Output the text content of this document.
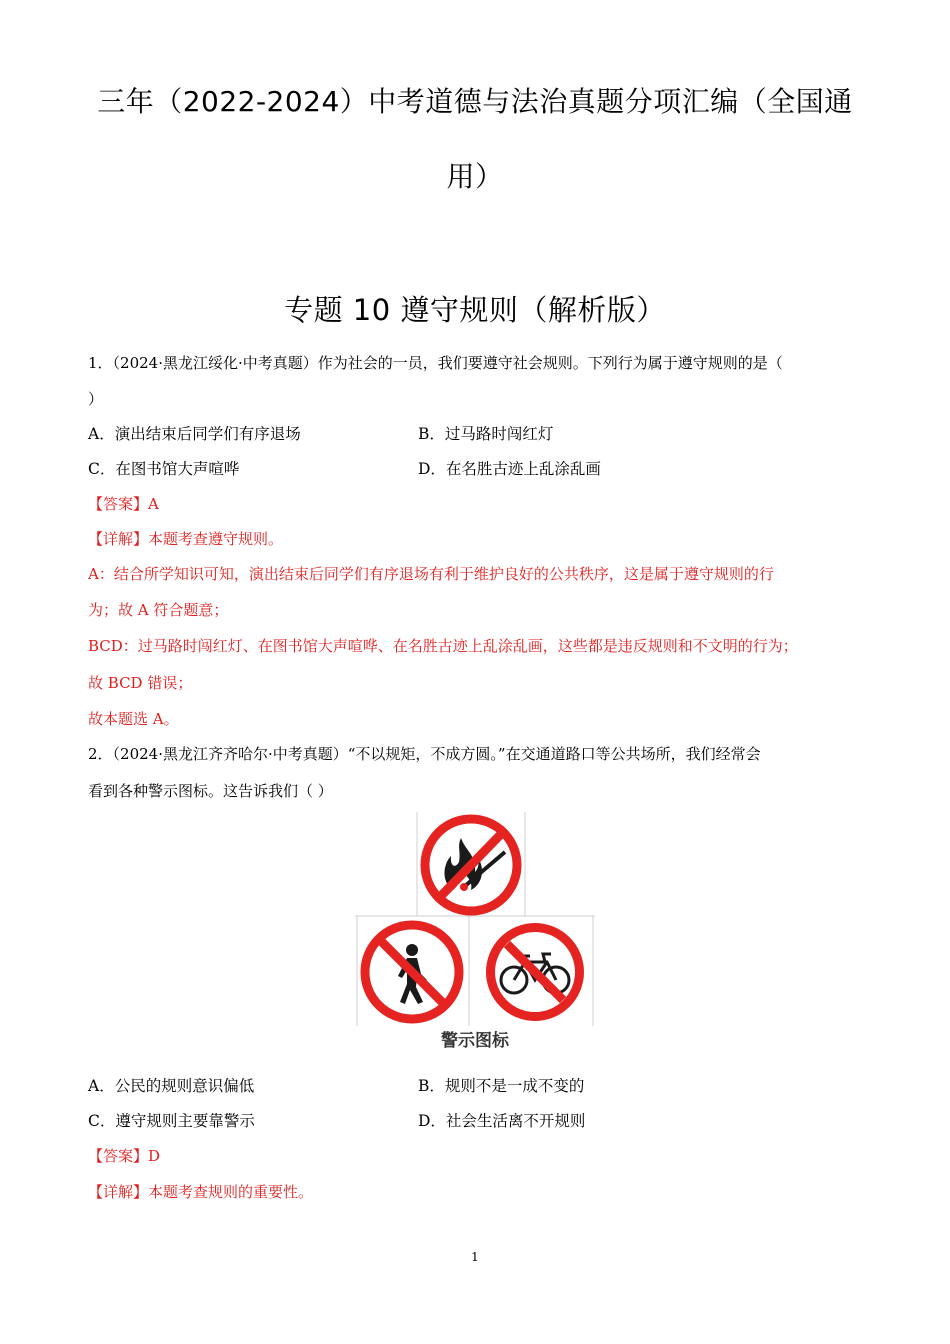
三年（2022-2024）中考道德与法治真题分项汇编（全国通
用）
专题 10 遵守规则（解析版）
1．（2024·黑龙江绥化·中考真题）作为社会的一员，我们要遵守社会规则。下列行为属于遵守规则的是（
）
A．演出结束后同学们有序退场	B．过马路时闯红灯
C．在图书馆大声喧哗	D．在名胜古迹上乱涂乱画
【答案】A
【详解】本题考查遵守规则。
A：结合所学知识可知，演出结束后同学们有序退场有利于维护良好的公共秩序，这是属于遵守规则的行
为；故 A 符合题意；
BCD：过马路时闯红灯、在图书馆大声喧哗、在名胜古迹上乱涂乱画，这些都是违反规则和不文明的行为；
故 BCD 错误；
故本题选 A。
2．（2024·黑龙江齐齐哈尔·中考真题）“不以规矩，不成方圆。”在交通道路口等公共场所，我们经常会
看到各种警示图标。这告诉我们（ ）
警示图标
A．公民的规则意识偏低	B．规则不是一成不变的
C．遵守规则主要靠警示	D．社会生活离不开规则
【答案】D
【详解】本题考查规则的重要性。
1
